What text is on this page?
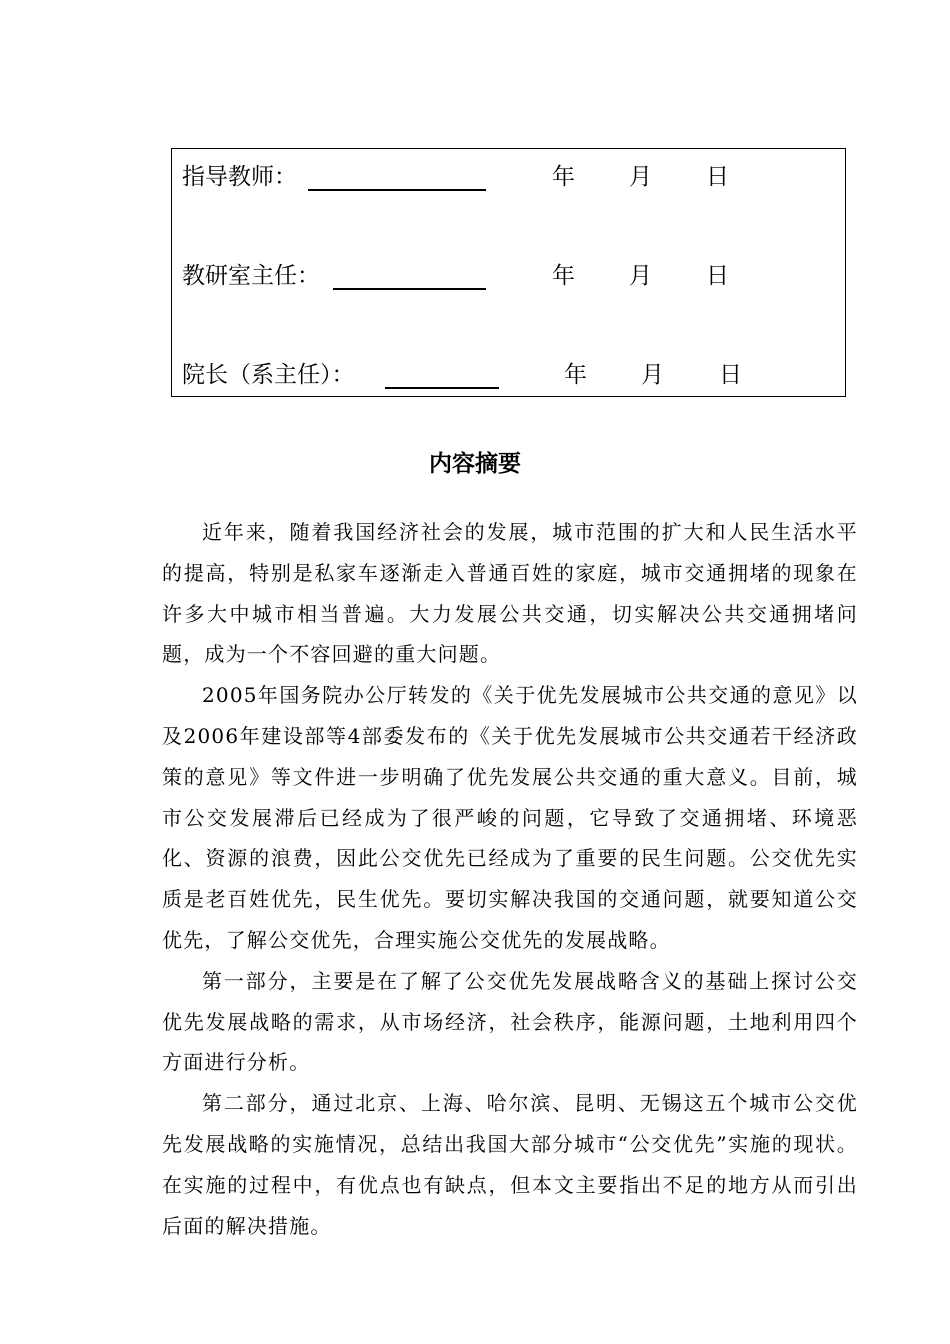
指导教师：	年 月 日
教研室主任：	年 月 日
院长（系主任）：	年 月 日
内容摘要

近年来，随着我国经济社会的发展，城市范围的扩大和人民生活水平的提高，特别是私家车逐渐走入普通百姓的家庭，城市交通拥堵的现象在许多大中城市相当普遍。大力发展公共交通，切实解决公共交通拥堵问题，成为一个不容回避的重大问题。

2005年国务院办公厅转发的《关于优先发展城市公共交通的意见》以及2006年建设部等4部委发布的《关于优先发展城市公共交通若干经济政策的意见》等文件进一步明确了优先发展公共交通的重大意义。目前，城市公交发展滞后已经成为了很严峻的问题，它导致了交通拥堵、环境恶化、资源的浪费，因此公交优先已经成为了重要的民生问题。公交优先实质是老百姓优先，民生优先。要切实解决我国的交通问题，就要知道公交优先，了解公交优先，合理实施公交优先的发展战略。

第一部分，主要是在了解了公交优先发展战略含义的基础上探讨公交优先发展战略的需求，从市场经济，社会秩序，能源问题，土地利用四个方面进行分析。

第二部分，通过北京、上海、哈尔滨、昆明、无锡这五个城市公交优先发展战略的实施情况，总结出我国大部分城市“公交优先”实施的现状。在实施的过程中，有优点也有缺点，但本文主要指出不足的地方从而引出后面的解决措施。
